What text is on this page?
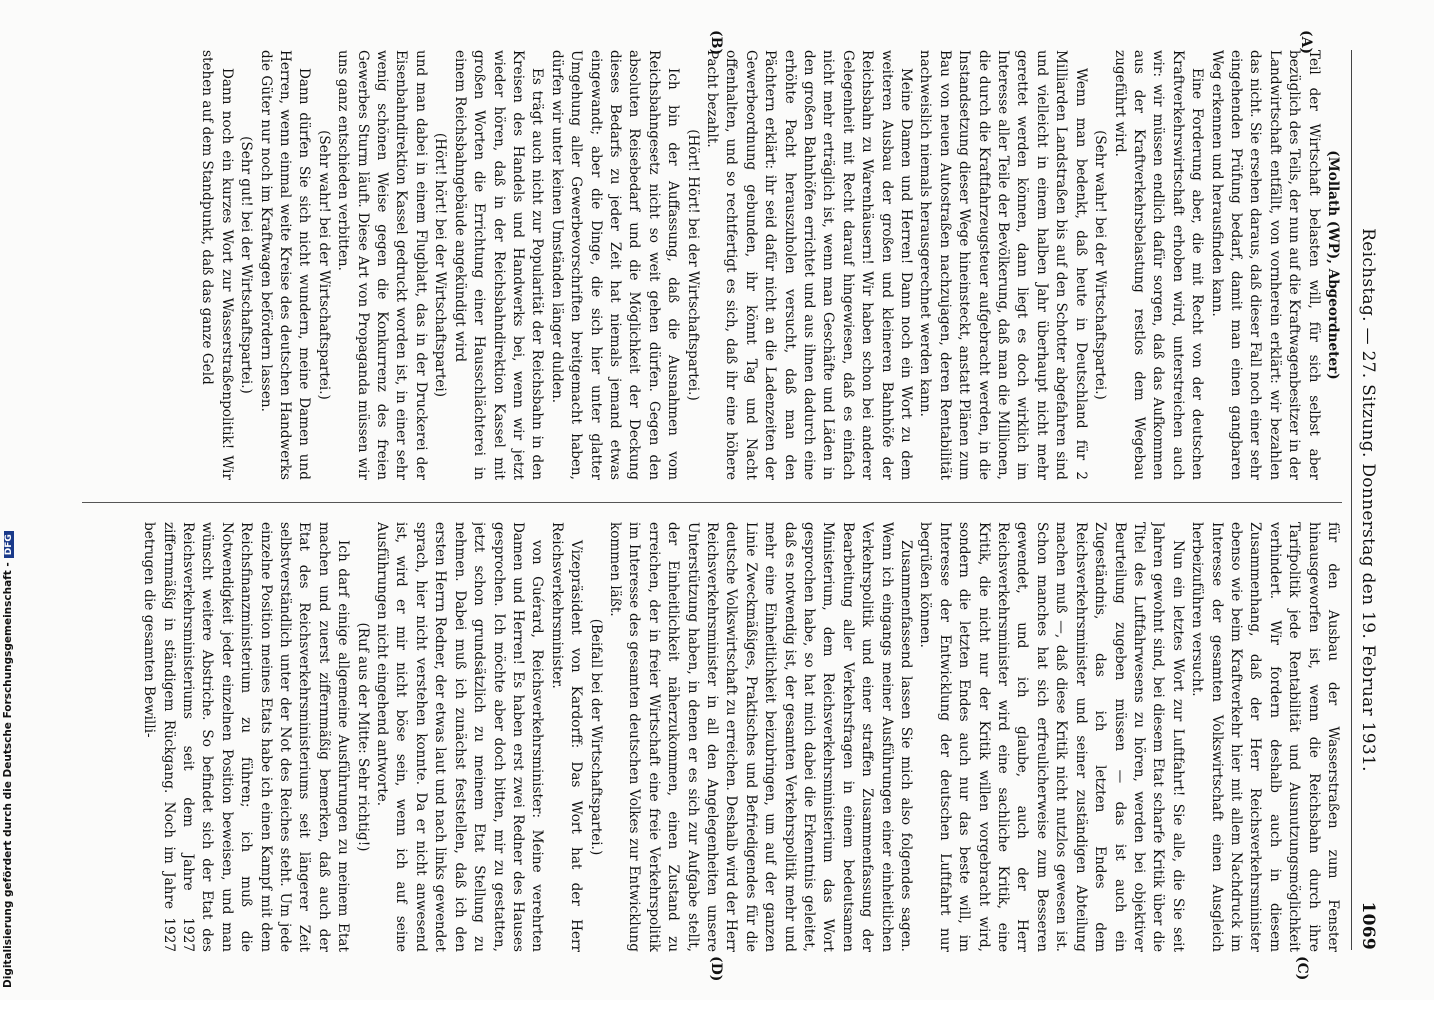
Reichstag. — 27. Sitzung. Donnerstag den 19. Februar 1931.
1069
(A)
(B)
(C)
(D)

(Mollath (WP), Abgeordneter)

Teil der Wirtschaft belasten will, für sich selbst aber bezüglich des Teils, der nun auf die Kraftwagenbesitzer in der Landwirtschaft entfällt, von vornherein erklärt: wir bezahlen das nicht. Sie ersehen daraus, daß dieser Fall noch einer sehr eingehenden Prüfung bedarf, damit man einen gangbaren Weg erkennen und herausfinden kann.

Eine Forderung aber, die mit Recht von der deutschen Kraftverkehrswirtschaft erhoben wird, unterstreichen auch wir: wir müssen endlich dafür sorgen, daß das Aufkommen aus der Kraftverkehrsbelastung restlos dem Wegebau zugeführt wird.

(Sehr wahr! bei der Wirtschaftspartei.)

Wenn man bedenkt, daß heute in Deutschland für 2 Milliarden Landstraßen bis auf den Schotter abgefahren sind und vielleicht in einem halben Jahr überhaupt nicht mehr gerettet werden können, dann liegt es doch wirklich im Interesse aller Teile der Bevölkerung, daß man die Millionen, die durch die Kraftfahrzeugsteuer aufgebracht werden, in die Instandsetzung dieser Wege hineinsteckt, anstatt Plänen zum Bau von neuen Autostraßen nachzujagen, deren Rentabilität nachweislich niemals herausgerechnet werden kann.

Meine Damen und Herren! Dann noch ein Wort zu dem weiteren Ausbau der großen und kleineren Bahnhöfe der Reichsbahn zu Warenhäusern! Wir haben schon bei anderer Gelegenheit mit Recht darauf hingewiesen, daß es einfach nicht mehr erträglich ist, wenn man Geschäfte und Läden in den großen Bahnhöfen errichtet und aus ihnen dadurch eine erhöhte Pacht herauszuholen versucht, daß man den Pächtern erklärt: ihr seid dafür nicht an die Ladenzeiten der Gewerbeordnung gebunden, ihr könnt Tag und Nacht offenhalten, und so rechtfertigt es sich, daß ihr eine höhere Pacht bezahlt.

(Hört! Hört! bei der Wirtschaftspartei.)

Ich bin der Auffassung, daß die Ausnahmen vom Reichsbahngesetz nicht so weit gehen dürfen. Gegen den absoluten Reisebedarf und die Möglichkeit der Deckung dieses Bedarfs zu jeder Zeit hat niemals jemand etwas eingewandt; aber die Dinge, die sich hier unter glatter Umgehung aller Gewerbevorschriften breitgemacht haben, dürfen wir unter keinen Umständen länger dulden.

Es trägt auch nicht zur Popularität der Reichsbahn in den Kreisen des Handels und Handwerks bei, wenn wir jetzt wieder hören, daß in der Reichsbahndirektion Kassel mit großen Worten die Errichtung einer Hausschlächterei in einem Reichsbahngebäude angekündigt wird

(Hört! hört! bei der Wirtschaftspartei)

und man dabei in einem Flugblatt, das in der Druckerei der Eisenbahndirektion Kassel gedruckt worden ist, in einer sehr wenig schönen Weise gegen die Konkurrenz des freien Gewerbes Sturm läuft. Diese Art von Propaganda müssen wir uns ganz entschieden verbitten.

(Sehr wahr! bei der Wirtschaftspartei.)

Dann dürfen Sie sich nicht wundern, meine Damen und Herren, wenn einmal weite Kreise des deutschen Handwerks die Güter nur noch im Kraftwagen befördern lassen.

(Sehr gut! bei der Wirtschaftspartei.)

Dann noch ein kurzes Wort zur Wasserstraßenpolitik! Wir stehen auf dem Standpunkt, daß das ganze Geld

für den Ausbau der Wasserstraßen zum Fenster hinausgeworfen ist, wenn die Reichsbahn durch ihre Tarifpolitik jede Rentabilität und Ausnutzungsmöglichkeit verhindert. Wir fordern deshalb auch in diesem Zusammenhang, daß der Herr Reichsverkehrsminister ebenso wie beim Kraftverkehr hier mit allem Nachdruck im Interesse der gesamten Volkswirtschaft einen Ausgleich herbeizuführen versucht.

Nun ein letztes Wort zur Luftfahrt! Sie alle, die Sie seit Jahren gewohnt sind, bei diesem Etat scharfe Kritik über die Titel des Luftfahrwesens zu hören, werden bei objektiver Beurteilung zugeben müssen — das ist auch ein Zugeständnis, das ich letzten Endes dem Reichsverkehrsminister und seiner zuständigen Abteilung machen muß —, daß diese Kritik nicht nutzlos gewesen ist. Schon manches hat sich erfreulicherweise zum Besseren gewendet, und ich glaube, auch der Herr Reichsverkehrsminister wird eine sachliche Kritik, eine Kritik, die nicht nur der Kritik willen vorgebracht wird, sondern die letzten Endes auch nur das beste will, im Interesse der Entwicklung der deutschen Luftfahrt nur begrüßen können.

Zusammenfassend lassen Sie mich also folgendes sagen. Wenn ich eingangs meiner Ausführungen einer einheitlichen Verkehrspolitik und einer straffen Zusammenfassung der Bearbeitung aller Verkehrsfragen in einem bedeutsamen Ministerium, dem Reichsverkehrsministerium das Wort gesprochen habe, so hat mich dabei die Erkenntnis geleitet, daß es notwendig ist, der gesamten Verkehrspolitik mehr und mehr eine Einheitlichkeit beizubringen, um auf der ganzen Linie Zweckmäßiges, Praktisches und Befriedigendes für die deutsche Volkswirtschaft zu erreichen. Deshalb wird der Herr Reichsverkehrsminister in all den Angelegenheiten unsere Unterstützung haben, in denen er es sich zur Aufgabe stellt, der Einheitlichkeit näherzukommen, einen Zustand zu erreichen, der in freier Wirtschaft eine freie Verkehrspolitik im Interesse des gesamten deutschen Volkes zur Entwicklung kommen läßt.

(Beifall bei der Wirtschaftspartei.)

Vizepräsident von Kardorff: Das Wort hat der Herr Reichsverkehrsminister.

von Guérard, Reichsverkehrsminister: Meine verehrten Damen und Herren! Es haben erst zwei Redner des Hauses gesprochen. Ich möchte aber doch bitten, mir zu gestatten, jetzt schon grundsätzlich zu meinem Etat Stellung zu nehmen. Dabei muß ich zunächst feststellen, daß ich den ersten Herrn Redner, der etwas laut und nach links gewendet sprach, hier nicht verstehen konnte. Da er nicht anwesend ist, wird er mir nicht böse sein, wenn ich auf seine Ausführungen nicht eingehend antworte.

(Ruf aus der Mitte: Sehr richtig!)

Ich darf einige allgemeine Ausführungen zu meinem Etat machen und zuerst ziffernmäßig bemerken, daß auch der Etat des Reichsverkehrsministeriums seit längerer Zeit selbstverständlich unter der Not des Reiches steht. Um jede einzelne Position meines Etats habe ich einen Kampf mit dem Reichsfinanzministerium zu führen; ich muß die Notwendigkeit jeder einzelnen Position beweisen, und man wünscht weitere Abstriche. So befindet sich der Etat des Reichsverkehrsministeriums seit dem Jahre 1927 ziffernmäßig in ständigem Rückgang. Noch im Jahre 1927 betrugen die gesamten Bewilli-

Digitalisierung gefördert durch die Deutsche Forschungsgemeinschaft -DFG
